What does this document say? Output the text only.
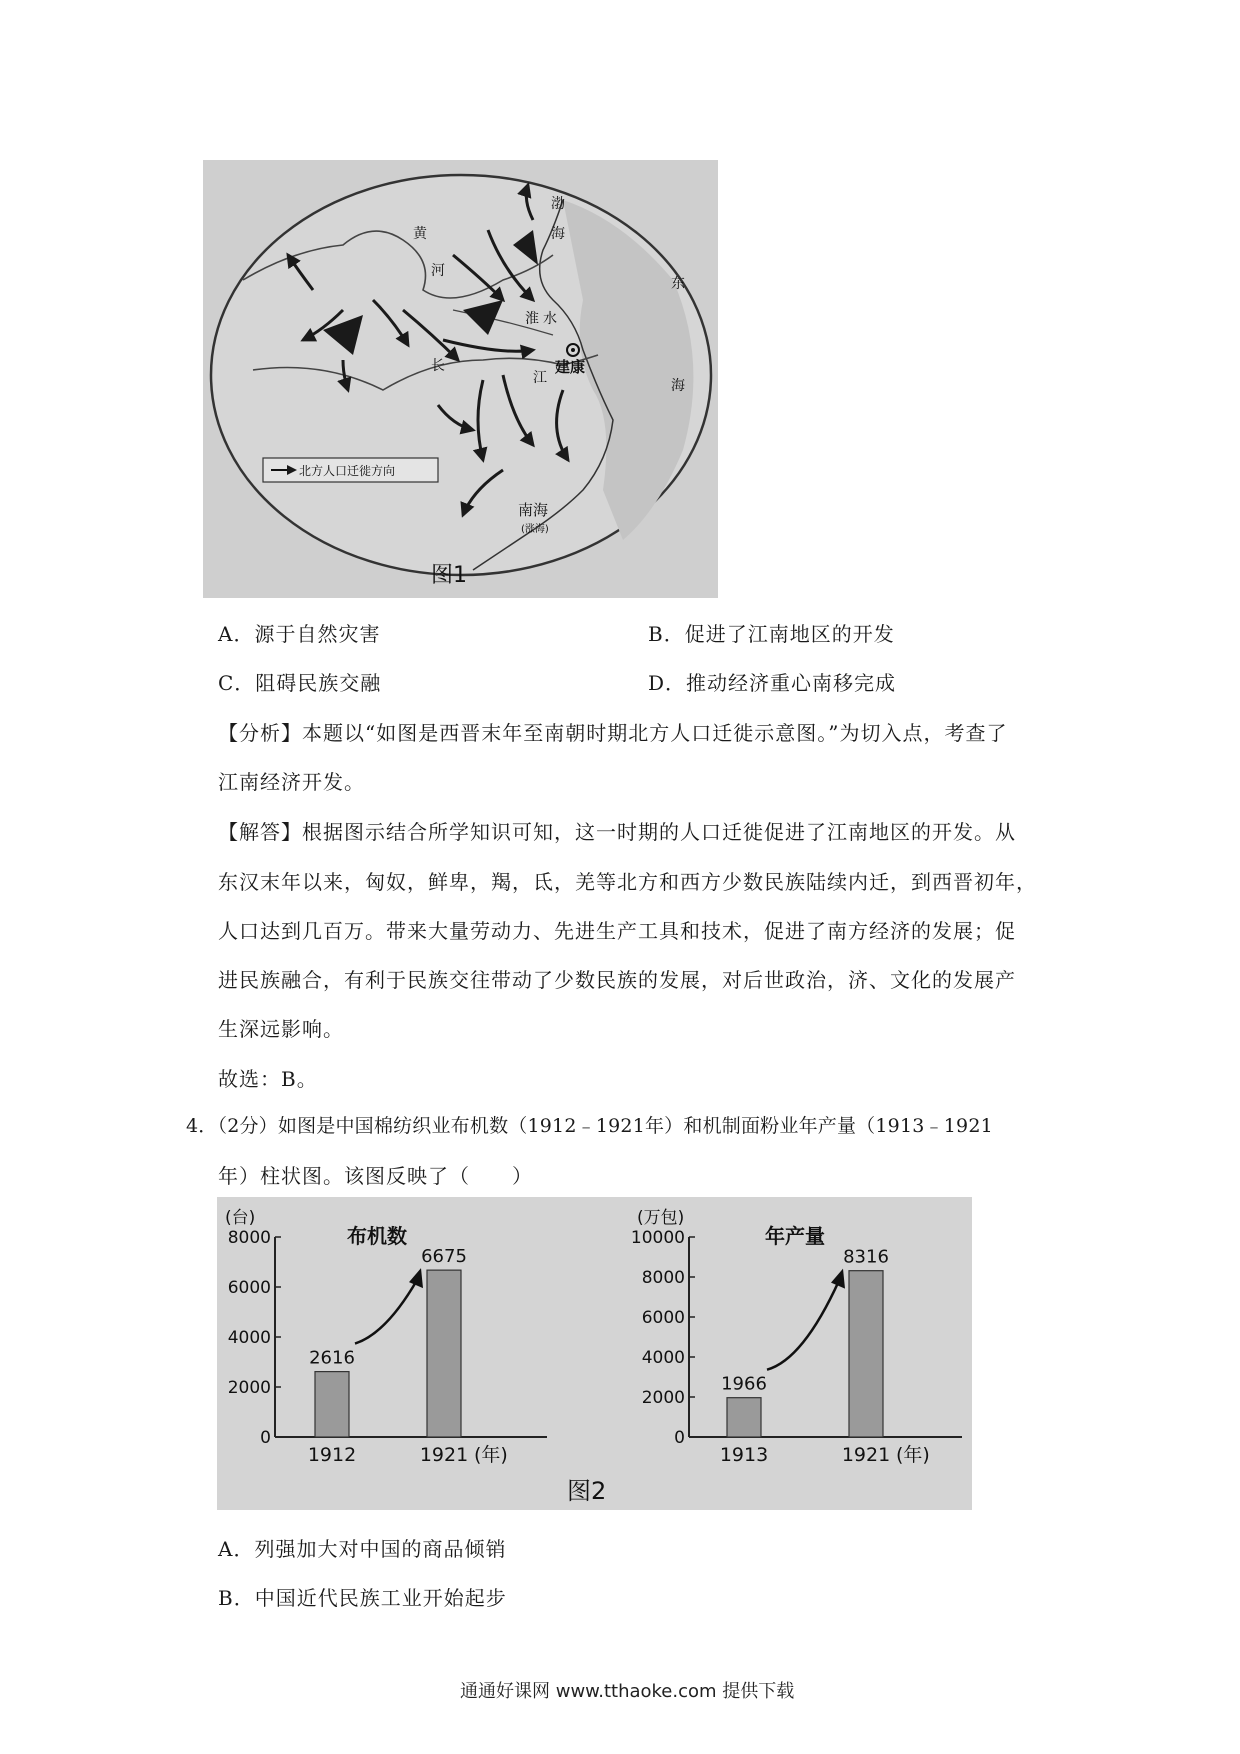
黄
河
渤
海
淮 水
长
江
东
海
建康
南海
(涨海)
北方人口迁徙方向
图1
A．源于自然灾害	B．促进了江南地区的开发
C．阻碍民族交融	D．推动经济重心南移完成
【分析】本题以“如图是西晋末年至南朝时期北方人口迁徙示意图。”为切入点，考查了
江南经济开发。
【解答】根据图示结合所学知识可知，这一时期的人口迁徙促进了江南地区的开发。从
东汉末年以来，匈奴，鲜卑，羯，氐，羌等北方和西方少数民族陆续内迁，到西晋初年，
人口达到几百万。带来大量劳动力、先进生产工具和技术，促进了南方经济的发展；促
进民族融合，有利于民族交往带动了少数民族的发展，对后世政治，济、文化的发展产
生深远影响。
故选：B。
4．（2分）如图是中国棉纺织业布机数（1912﹣1921年）和机制面粉业年产量（1913﹣1921
年）柱状图。该图反映了（　　）
图2
0
2000
4000
6000
8000
(台)
布机数
2616
1912
6675
1921 (年)
0
2000
4000
6000
8000
10000
(万包)
年产量
1966
1913
8316
1921 (年)
A．列强加大对中国的商品倾销
B．中国近代民族工业开始起步
通通好课网 www.tthaoke.com 提供下载
